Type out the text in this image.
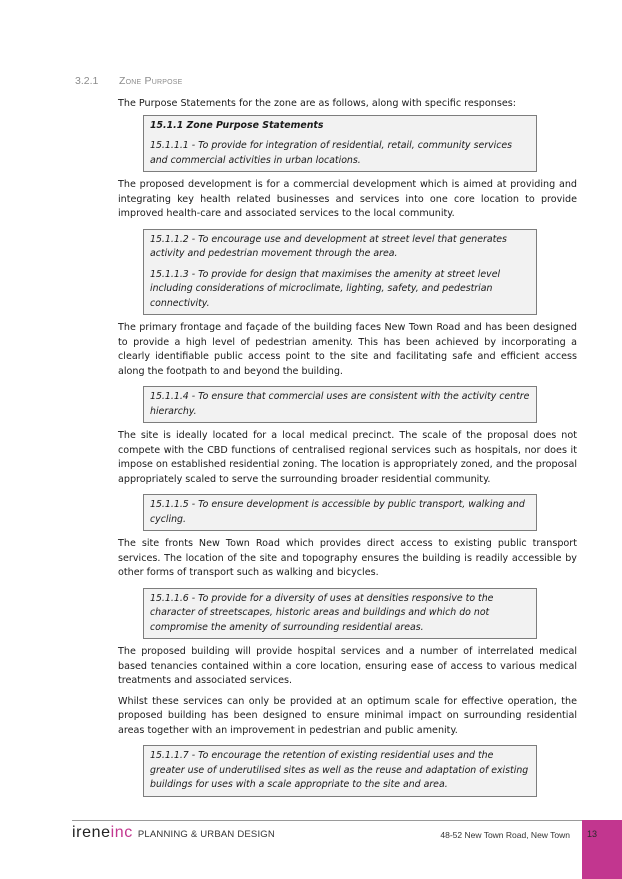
3.2.1 Zone Purpose

The Purpose Statements for the zone are as follows, along with specific responses:

15.1.1 Zone Purpose Statements

15.1.1.1 - To provide for integration of residential, retail, community services and commercial activities in urban locations.

The proposed development is for a commercial development which is aimed at providing and integrating key health related businesses and services into one core location to provide improved health-care and associated services to the local community.

15.1.1.2 - To encourage use and development at street level that generates activity and pedestrian movement through the area.

15.1.1.3 - To provide for design that maximises the amenity at street level including considerations of microclimate, lighting, safety, and pedestrian connectivity.

The primary frontage and façade of the building faces New Town Road and has been designed to provide a high level of pedestrian amenity. This has been achieved by incorporating a clearly identifiable public access point to the site and facilitating safe and efficient access along the footpath to and beyond the building.

15.1.1.4 - To ensure that commercial uses are consistent with the activity centre hierarchy.

The site is ideally located for a local medical precinct. The scale of the proposal does not compete with the CBD functions of centralised regional services such as hospitals, nor does it impose on established residential zoning. The location is appropriately zoned, and the proposal appropriately scaled to serve the surrounding broader residential community.

15.1.1.5 - To ensure development is accessible by public transport, walking and cycling.

The site fronts New Town Road which provides direct access to existing public transport services. The location of the site and topography ensures the building is readily accessible by other forms of transport such as walking and bicycles.

15.1.1.6 - To provide for a diversity of uses at densities responsive to the character of streetscapes, historic areas and buildings and which do not compromise the amenity of surrounding residential areas.

The proposed building will provide hospital services and a number of interrelated medical based tenancies contained within a core location, ensuring ease of access to various medical treatments and associated services.

Whilst these services can only be provided at an optimum scale for effective operation, the proposed building has been designed to ensure minimal impact on surrounding residential areas together with an improvement in pedestrian and public amenity.

15.1.1.7 - To encourage the retention of existing residential uses and the greater use of underutilised sites as well as the reuse and adaptation of existing buildings for uses with a scale appropriate to the site and area.

ireneinc PLANNING & URBAN DESIGN	48-52 New Town Road, New Town 13
